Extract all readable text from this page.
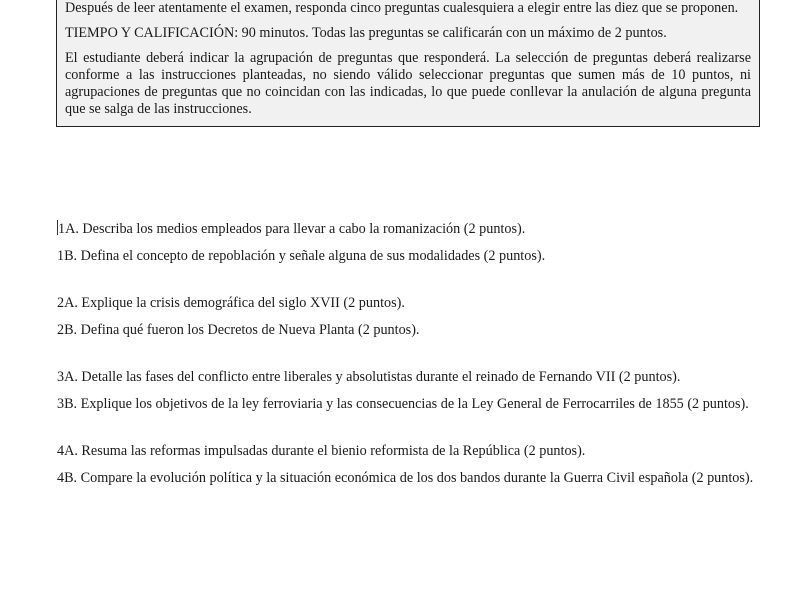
Después de leer atentamente el examen, responda cinco preguntas cualesquiera a elegir entre las diez que se proponen.

TIEMPO Y CALIFICACIÓN: 90 minutos. Todas las preguntas se calificarán con un máximo de 2 puntos.

El estudiante deberá indicar la agrupación de preguntas que responderá. La selección de preguntas deberá realizarse conforme a las instrucciones planteadas, no siendo válido seleccionar preguntas que sumen más de 10 puntos, ni agrupaciones de preguntas que no coincidan con las indicadas, lo que puede conllevar la anulación de alguna pregunta que se salga de las instrucciones.

1A. Describa los medios empleados para llevar a cabo la romanización (2 puntos).

1B. Defina el concepto de repoblación y señale alguna de sus modalidades (2 puntos).

2A. Explique la crisis demográfica del siglo XVII (2 puntos).

2B. Defina qué fueron los Decretos de Nueva Planta (2 puntos).

3A. Detalle las fases del conflicto entre liberales y absolutistas durante el reinado de Fernando VII (2 puntos).

3B. Explique los objetivos de la ley ferroviaria y las consecuencias de la Ley General de Ferrocarriles de 1855 (2 puntos).

4A. Resuma las reformas impulsadas durante el bienio reformista de la República (2 puntos).

4B. Compare la evolución política y la situación económica de los dos bandos durante la Guerra Civil española (2 puntos).
